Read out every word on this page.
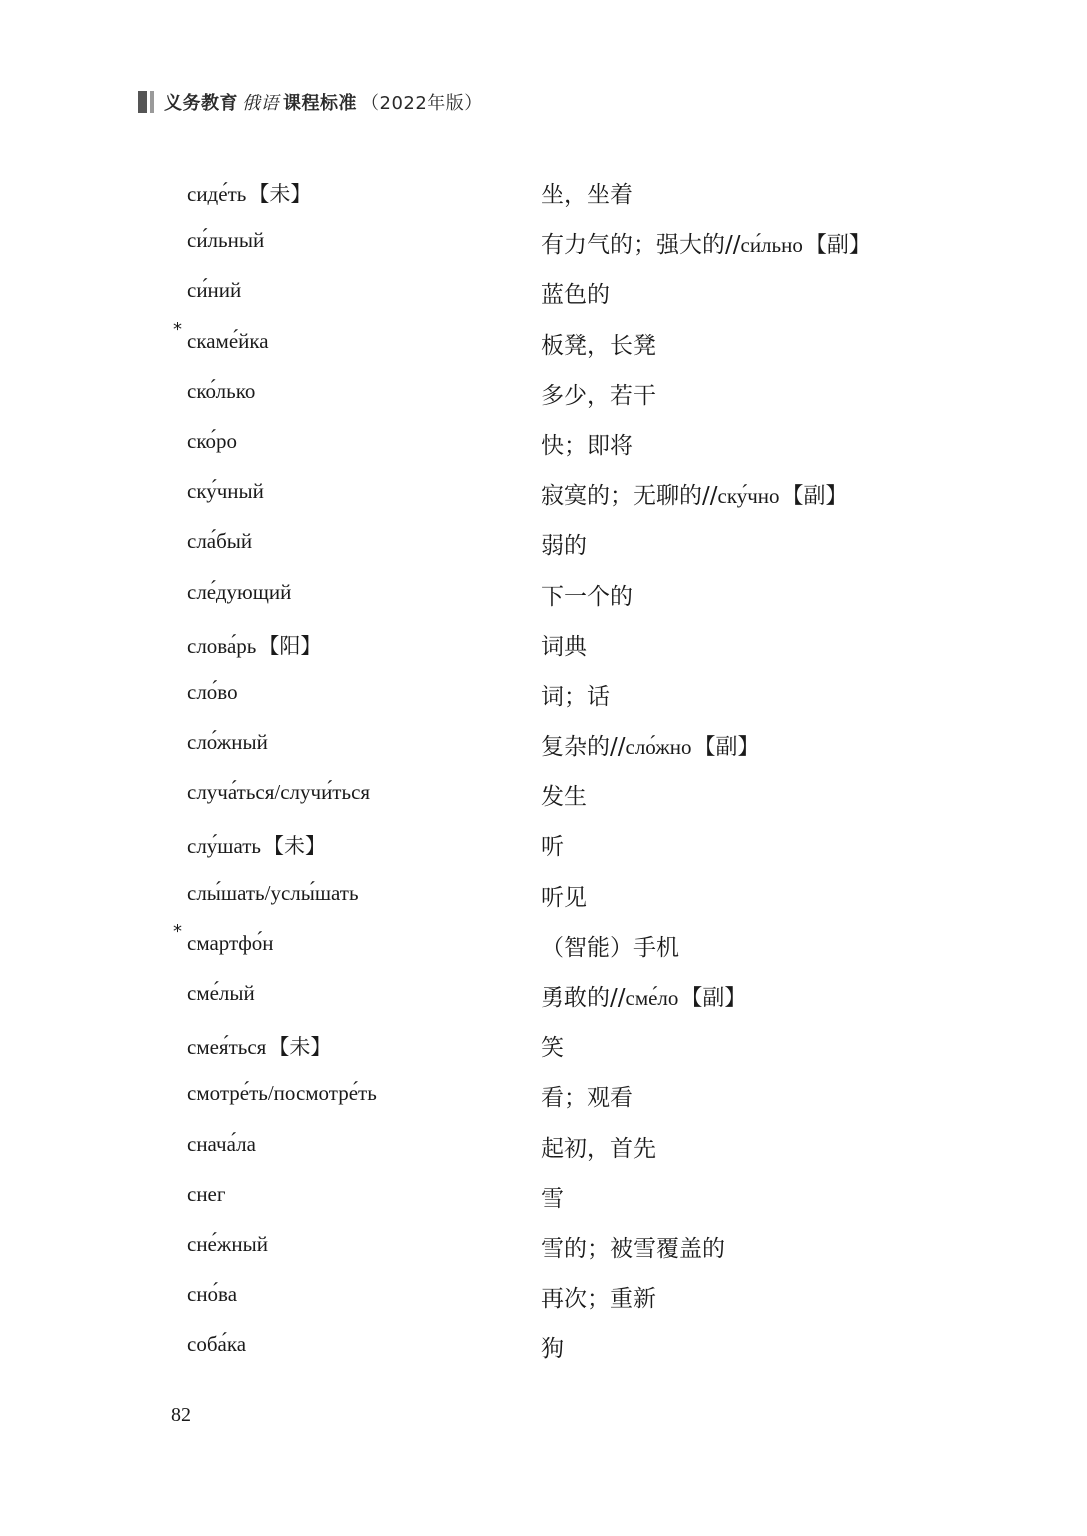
义务教育 俄语 课程标准 （2022年版）
сиде́ть【未】	坐，坐着
си́льный	有力气的；强大的//си́льно【副】
си́ний	蓝色的
* скаме́йка	板凳，长凳
ско́лько	多少，若干
ско́ро	快；即将
ску́чный	寂寞的；无聊的//ску́чно【副】
сла́бый	弱的
сле́дующий	下一个的
слова́рь【阳】	词典
сло́во	词；话
сло́жный	复杂的//сло́жно【副】
случа́ться/случи́ться	发生
слу́шать【未】	听
слы́шать/услы́шать	听见
* смартфо́н	（智能）手机
сме́лый	勇敢的//сме́ло【副】
смея́ться【未】	笑
смотре́ть/посмотре́ть	看；观看
снача́ла	起初，首先
снег	雪
сне́жный	雪的；被雪覆盖的
сно́ва	再次；重新
соба́ка	狗
82
